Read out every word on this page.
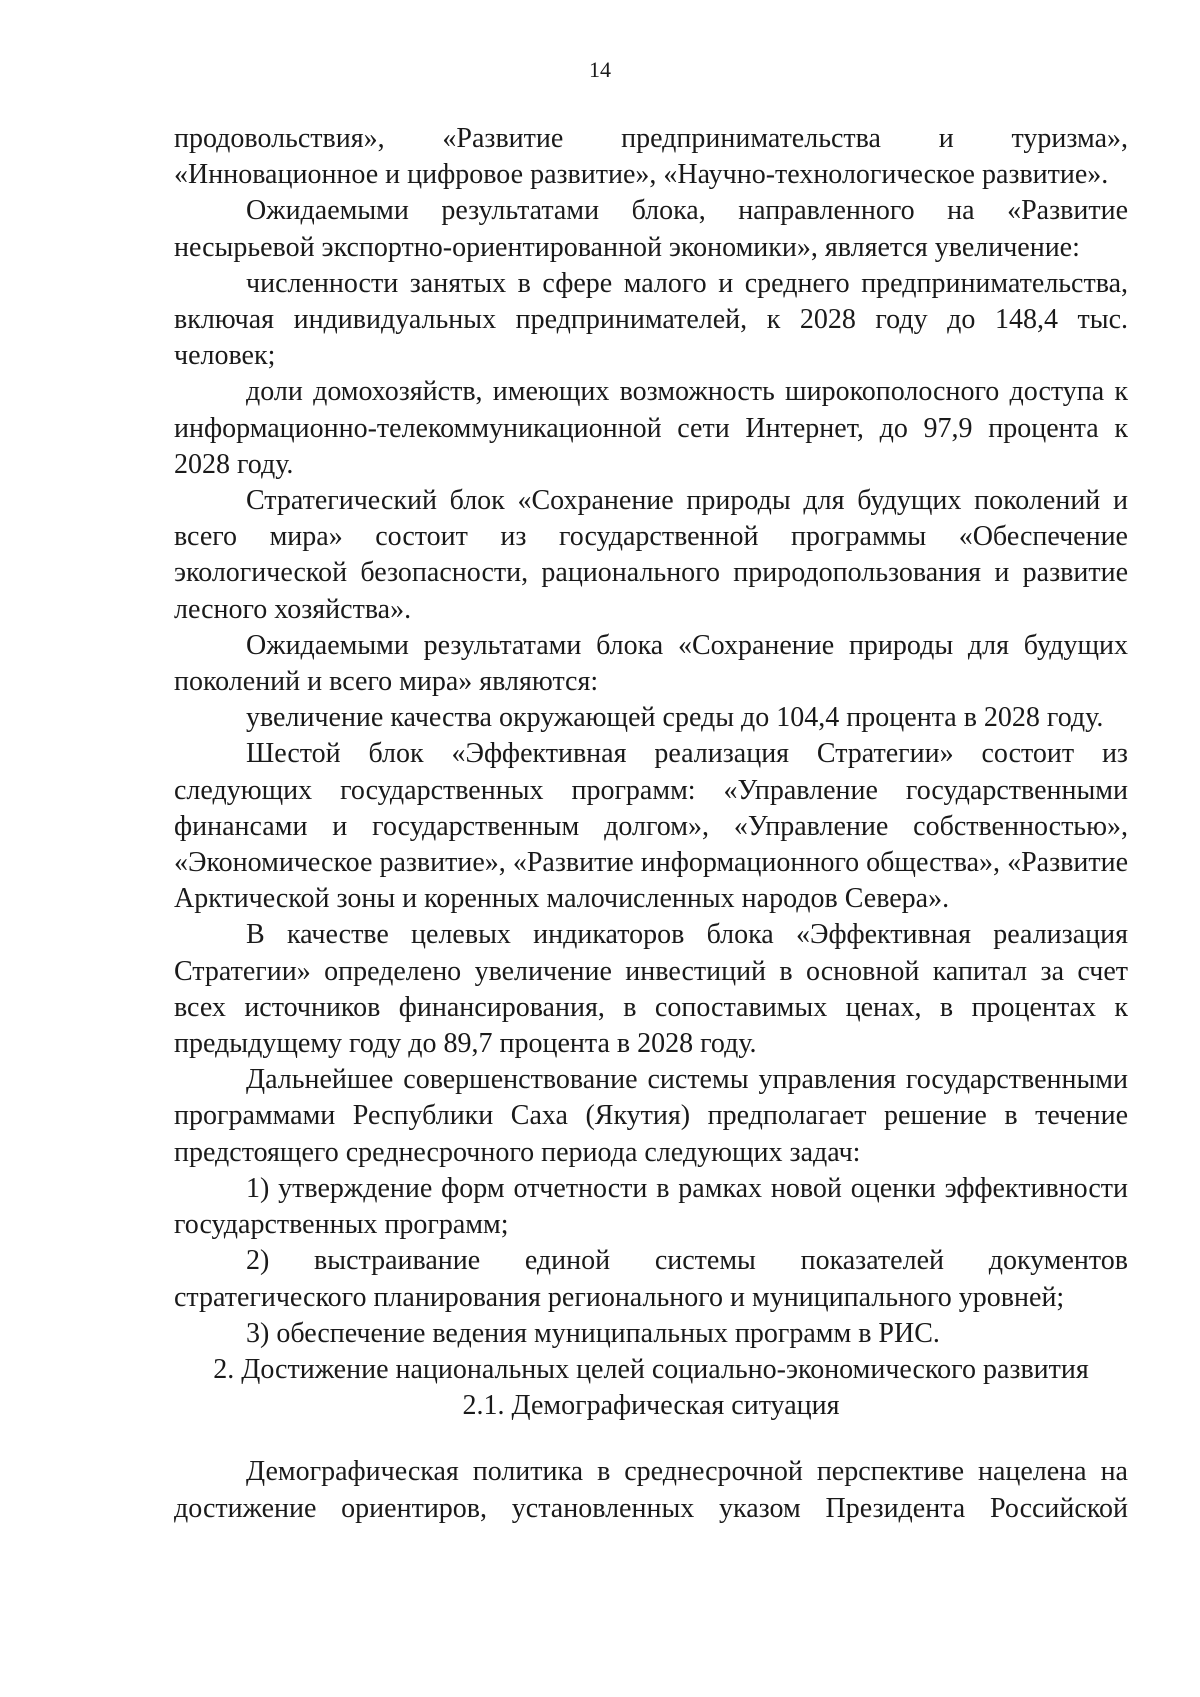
14

продовольствия», «Развитие предпринимательства и туризма», «Инновационное и цифровое развитие», «Научно-технологическое развитие».

Ожидаемыми результатами блока, направленного на «Развитие несырьевой экспортно-ориентированной экономики», является увеличение:

численности занятых в сфере малого и среднего предпринимательства, включая индивидуальных предпринимателей, к 2028 году до 148,4 тыс. человек;

доли домохозяйств, имеющих возможность широкополосного доступа к информационно-телекоммуникационной сети Интернет, до 97,9 процента к 2028 году.

Стратегический блок «Сохранение природы для будущих поколений и всего мира» состоит из государственной программы «Обеспечение экологической безопасности, рационального природопользования и развитие лесного хозяйства».

Ожидаемыми результатами блока «Сохранение природы для будущих поколений и всего мира» являются:

увеличение качества окружающей среды до 104,4 процента в 2028 году.

Шестой блок «Эффективная реализация Стратегии» состоит из следующих государственных программ: «Управление государственными финансами и государственным долгом», «Управление собственностью», «Экономическое развитие», «Развитие информационного общества», «Развитие Арктической зоны и коренных малочисленных народов Севера».

В качестве целевых индикаторов блока «Эффективная реализация Стратегии» определено увеличение инвестиций в основной капитал за счет всех источников финансирования, в сопоставимых ценах, в процентах к предыдущему году до 89,7 процента в 2028 году.

Дальнейшее совершенствование системы управления государственными программами Республики Саха (Якутия) предполагает решение в течение предстоящего среднесрочного периода следующих задач:

1) утверждение форм отчетности в рамках новой оценки эффективности государственных программ;

2) выстраивание единой системы показателей документов стратегического планирования регионального и муниципального уровней;

3) обеспечение ведения муниципальных программ в РИС.

2. Достижение национальных целей социально-экономического развития

2.1. Демографическая ситуация

Демографическая политика в среднесрочной перспективе нацелена на достижение ориентиров, установленных указом Президента Российской
